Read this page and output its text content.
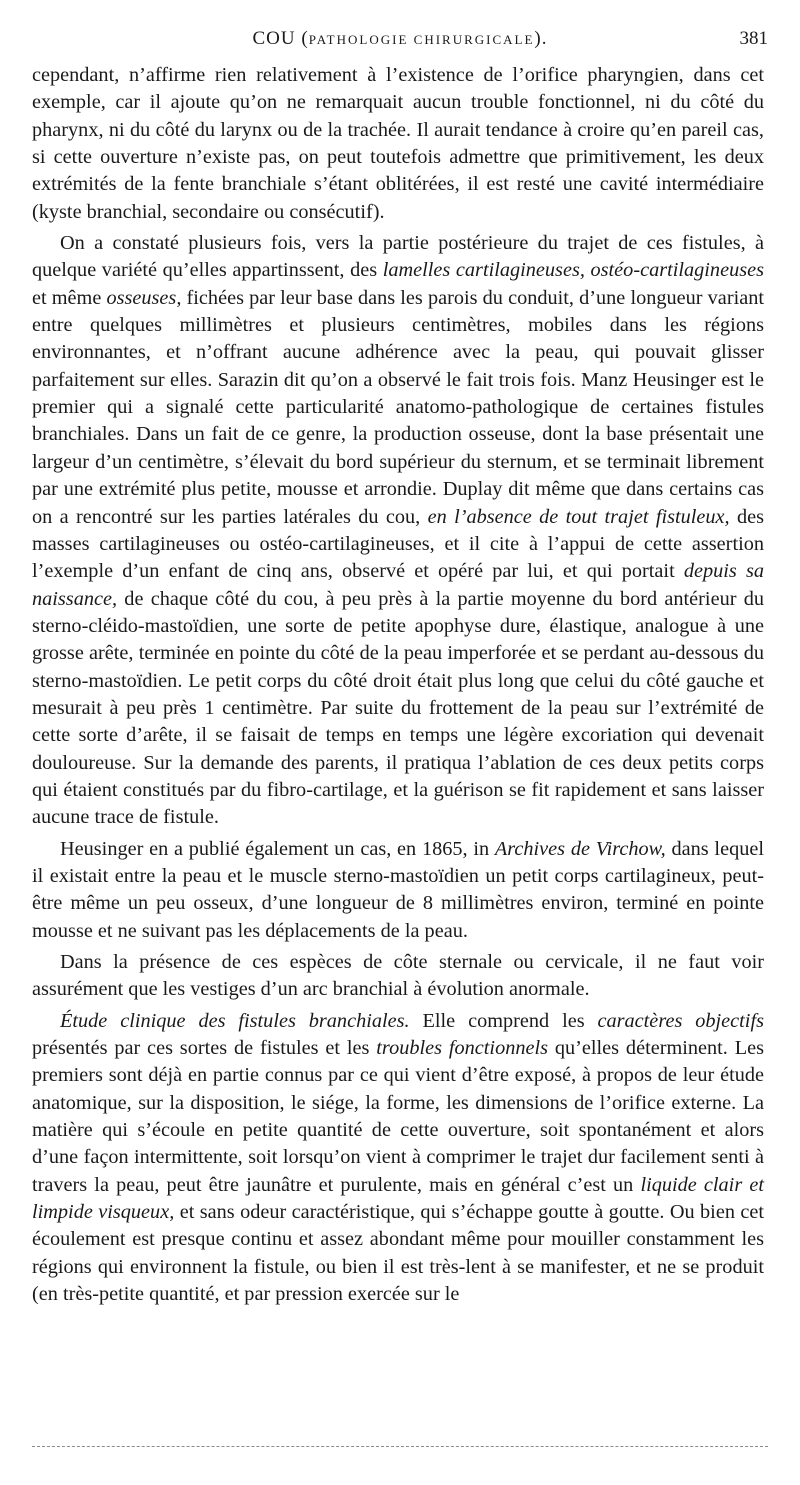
COU (PATHOLOGIE CHIRURGICALE).	381

cependant, n’affirme rien relativement à l’existence de l’orifice pharyngien, dans cet exemple, car il ajoute qu’on ne remarquait aucun trouble fonctionnel, ni du côté du pharynx, ni du côté du larynx ou de la trachée. Il aurait tendance à croire qu’en pareil cas, si cette ouverture n’existe pas, on peut toutefois admettre que primitivement, les deux extrémités de la fente branchiale s’étant oblitérées, il est resté une cavité intermédiaire (kyste branchial, secondaire ou consécutif).

On a constaté plusieurs fois, vers la partie postérieure du trajet de ces fistules, à quelque variété qu’elles appartinssent, des lamelles cartilagineuses, ostéo-cartilagineuses et même osseuses, fichées par leur base dans les parois du conduit, d’une longueur variant entre quelques millimètres et plusieurs centimètres, mobiles dans les régions environnantes, et n’offrant aucune adhérence avec la peau, qui pouvait glisser parfaitement sur elles. Sarazin dit qu’on a observé le fait trois fois. Manz Heusinger est le premier qui a signalé cette particularité anatomo-pathologique de certaines fistules branchiales. Dans un fait de ce genre, la production osseuse, dont la base présentait une largeur d’un centimètre, s’élevait du bord supérieur du sternum, et se terminait librement par une extrémité plus petite, mousse et arrondie. Duplay dit même que dans certains cas on a rencontré sur les parties latérales du cou, en l’absence de tout trajet fistuleux, des masses cartilagineuses ou ostéo-cartilagineuses, et il cite à l’appui de cette assertion l’exemple d’un enfant de cinq ans, observé et opéré par lui, et qui portait depuis sa naissance, de chaque côté du cou, à peu près à la partie moyenne du bord antérieur du sterno-cléido-mastoïdien, une sorte de petite apophyse dure, élastique, analogue à une grosse arête, terminée en pointe du côté de la peau imperforée et se perdant au-dessous du sterno-mastoïdien. Le petit corps du côté droit était plus long que celui du côté gauche et mesurait à peu près 1 centimètre. Par suite du frottement de la peau sur l’extrémité de cette sorte d’arête, il se faisait de temps en temps une légère excoriation qui devenait douloureuse. Sur la demande des parents, il pratiqua l’ablation de ces deux petits corps qui étaient constitués par du fibro-cartilage, et la guérison se fit rapidement et sans laisser aucune trace de fistule.

Heusinger en a publié également un cas, en 1865, in Archives de Virchow, dans lequel il existait entre la peau et le muscle sterno-mastoïdien un petit corps cartilagineux, peut-être même un peu osseux, d’une longueur de 8 millimètres environ, terminé en pointe mousse et ne suivant pas les déplacements de la peau.

Dans la présence de ces espèces de côte sternale ou cervicale, il ne faut voir assurément que les vestiges d’un arc branchial à évolution anormale.

Étude clinique des fistules branchiales. Elle comprend les caractères objectifs présentés par ces sortes de fistules et les troubles fonctionnels qu’elles déterminent. Les premiers sont déjà en partie connus par ce qui vient d’être exposé, à propos de leur étude anatomique, sur la disposition, le siége, la forme, les dimensions de l’orifice externe. La matière qui s’écoule en petite quantité de cette ouverture, soit spontanément et alors d’une façon intermittente, soit lorsqu’on vient à comprimer le trajet dur facilement senti à travers la peau, peut être jaunâtre et purulente, mais en général c’est un liquide clair et limpide visqueux, et sans odeur caractéristique, qui s’échappe goutte à goutte. Ou bien cet écoulement est presque continu et assez abondant même pour mouiller constamment les régions qui environnent la fistule, ou bien il est très-lent à se manifester, et ne se produit (en très-petite quantité, et par pression exercée sur le
